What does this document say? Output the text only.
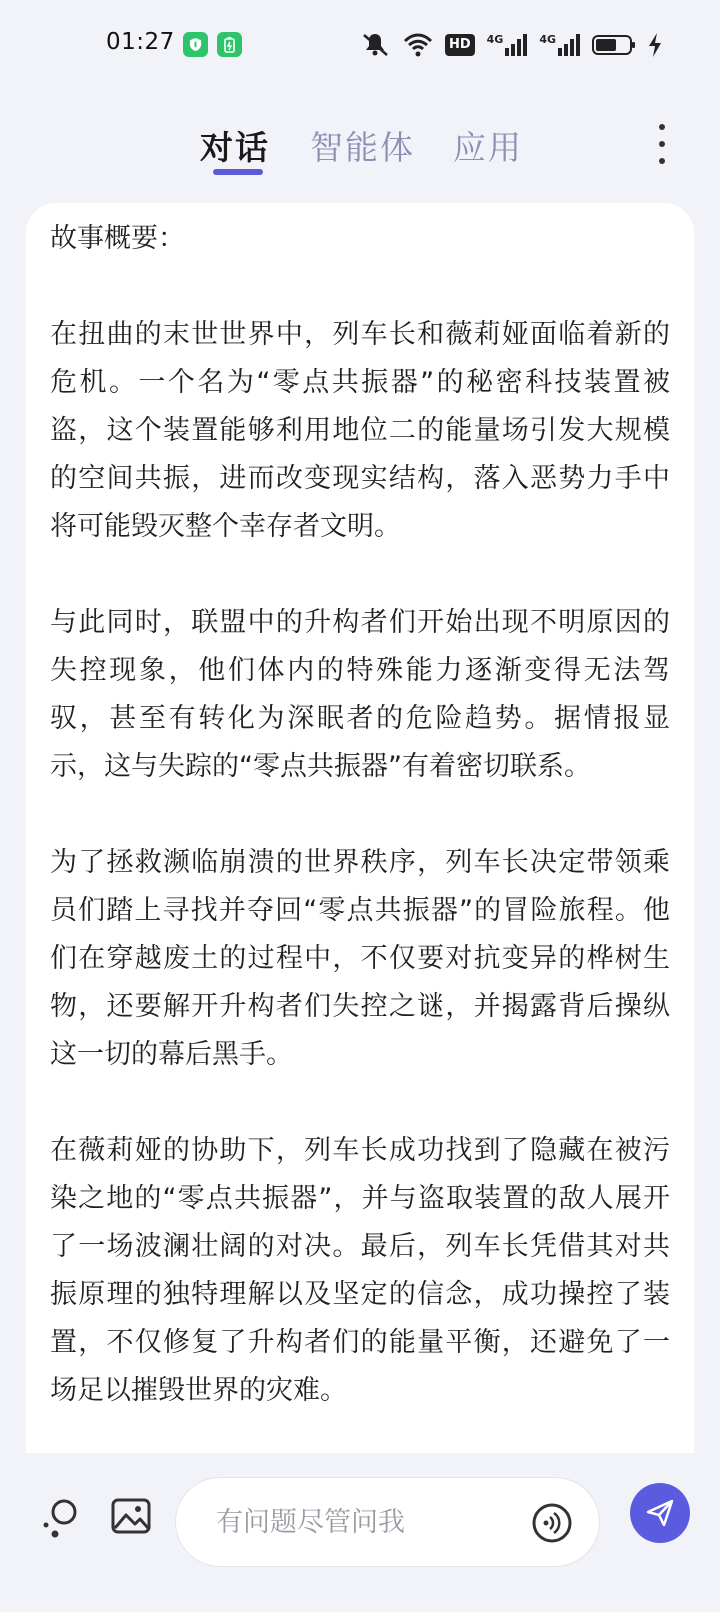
01:27	HD	4G	4G
对话 智能体 应用

故事概要：

在扭曲的末世世界中，列车长和薇莉娅面临着新的危机。一个名为“零点共振器”的秘密科技装置被盗，这个装置能够利用地位二的能量场引发大规模的空间共振，进而改变现实结构，落入恶势力手中将可能毁灭整个幸存者文明。

与此同时，联盟中的升构者们开始出现不明原因的失控现象，他们体内的特殊能力逐渐变得无法驾驭，甚至有转化为深眠者的危险趋势。据情报显示，这与失踪的“零点共振器”有着密切联系。

为了拯救濒临崩溃的世界秩序，列车长决定带领乘员们踏上寻找并夺回“零点共振器”的冒险旅程。他们在穿越废土的过程中，不仅要对抗变异的桦树生物，还要解开升构者们失控之谜，并揭露背后操纵这一切的幕后黑手。

在薇莉娅的协助下，列车长成功找到了隐藏在被污染之地的“零点共振器”，并与盗取装置的敌人展开了一场波澜壮阔的对决。最后，列车长凭借其对共振原理的独特理解以及坚定的信念，成功操控了装置，不仅修复了升构者们的能量平衡，还避免了一场足以摧毁世界的灾难。

有问题尽管问我
